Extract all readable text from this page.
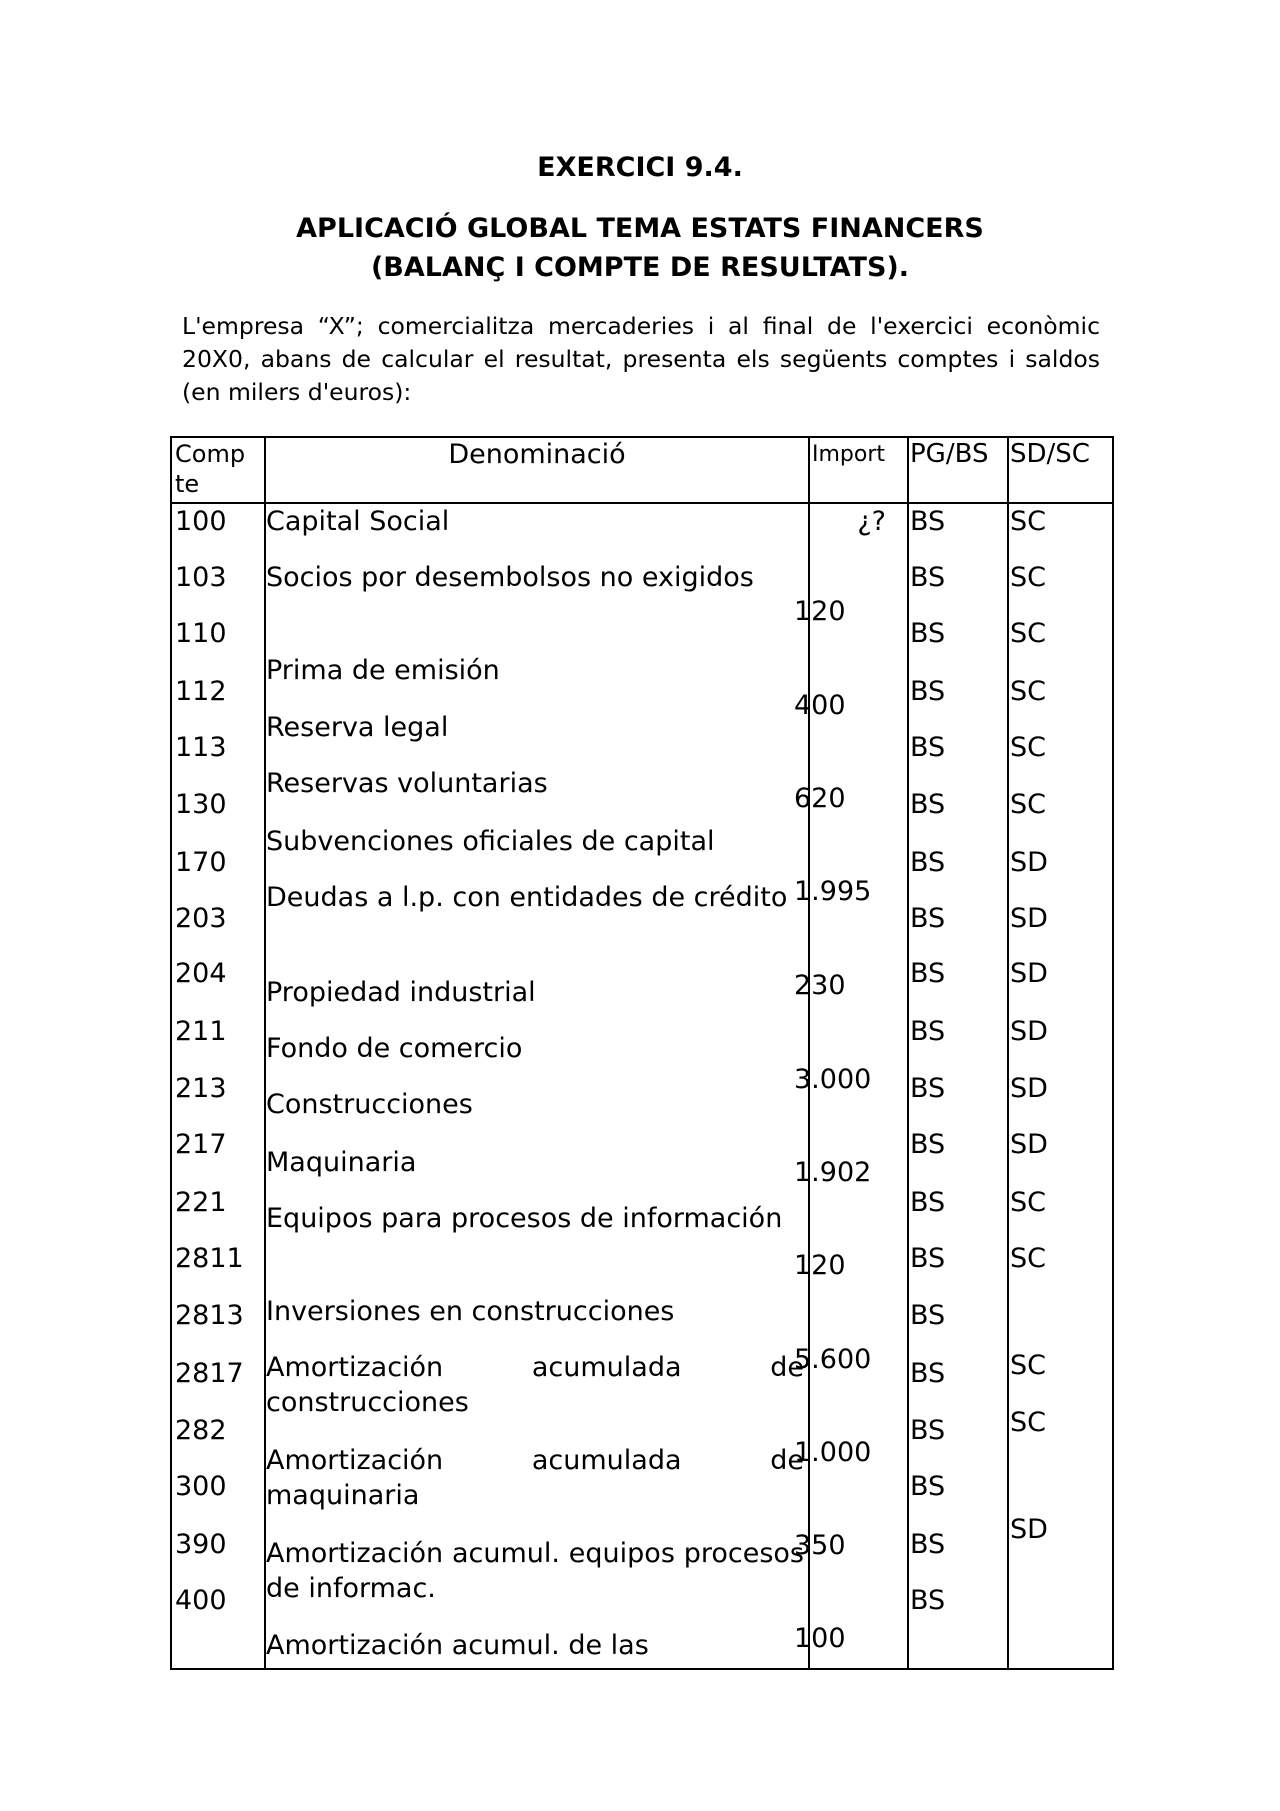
EXERCICI 9.4.
APLICACIÓ GLOBAL TEMA ESTATS FINANCERS
(BALANÇ I COMPTE DE RESULTATS).

L'empresa “X”; comercialitza mercaderies i al final de l'exercici econòmic 20X0, abans de calcular el resultat, presenta els següents comptes i saldos (en milers d'euros):

Comp
te
Denominació	Import PG/BS SD/SC
100
103
110
112
113
130
170
203
204
211
213
217
221
2811
2813
2817
282
300
390
400
Capital Social
Socios por desembolsos no exigidos
Prima de emisión
Reserva legal
Reservas voluntarias
Subvenciones oficiales de capital
Deudas a l.p. con entidades de crédito
Propiedad industrial
Fondo de comercio
Construcciones
Maquinaria
Equipos para procesos de información
Inversiones en construcciones
Amortización acumulada de construcciones
Amortización acumulada de maquinaria
Amortización acumul. equipos procesos de informac.
Amortización acumul. de las
¿?
120
400
620
1.995
230
3.000
1.902
120
5.600
1.000
350
100
BS
BS
BS
BS
BS
BS
BS
BS
BS
BS
BS
BS
BS
BS
BS
BS
BS
BS
BS
BS
SC
SC
SC
SC
SC
SC
SD
SD
SD
SD
SD
SD
SC
SC
SC
SC
SD
